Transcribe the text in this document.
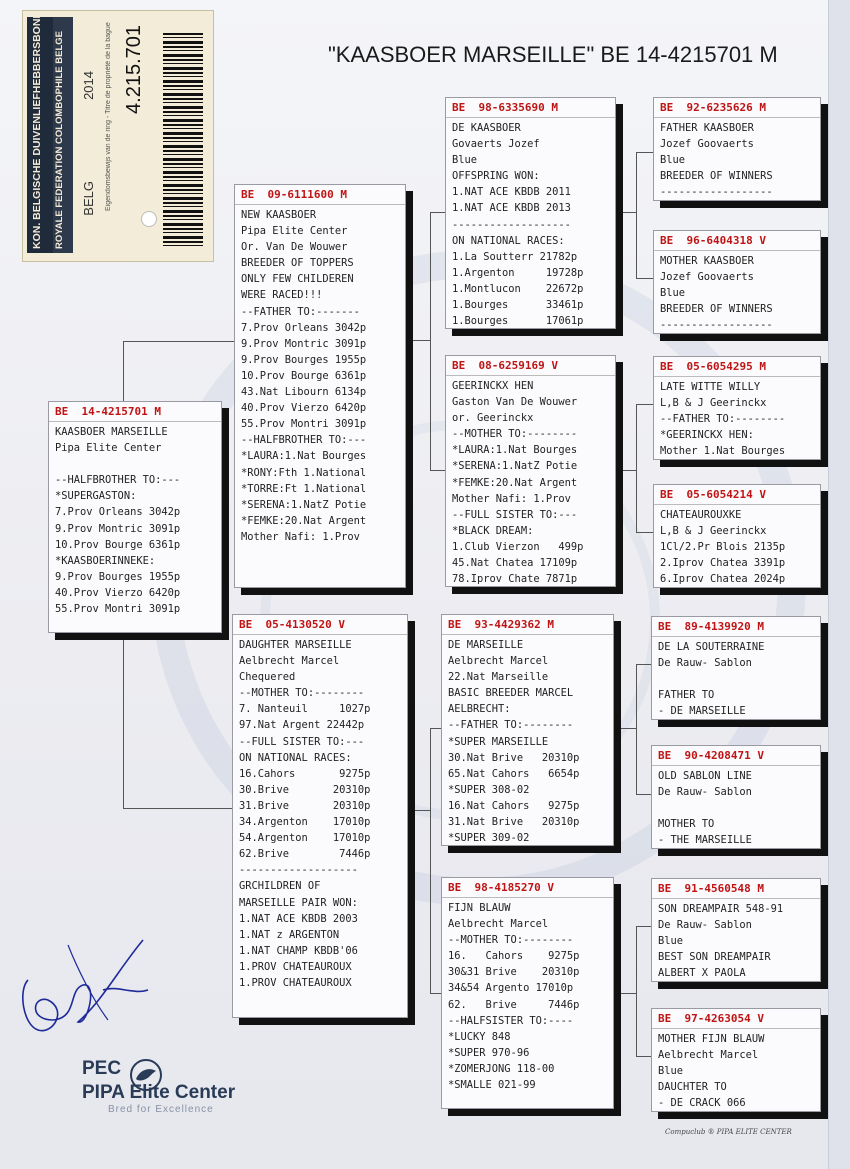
KON. BELGISCHE DUIVENLIEFHEBBERSBOND ROYALE FEDERATION COLOMBOPHILE BELGE 2014
BELG Eigendomsbewijs van de ring - Titre de propriété de la bague 4.215.701	"KAASBOER MARSEILLE" BE 14-4215701 M
BE  14-4215701 M
KAASBOER MARSEILLE
Pipa Elite Center

--HALFBROTHER TO:---
*SUPERGASTON:
7.Prov Orleans 3042p
9.Prov Montric 3091p
10.Prov Bourge 6361p
*KAASBOERINNEKE:
9.Prov Bourges 1955p
40.Prov Vierzo 6420p
55.Prov Montri 3091p
BE  09-6111600 M
NEW KAASBOER
Pipa Elite Center
Or. Van De Wouwer
BREEDER OF TOPPERS
ONLY FEW CHILDEREN
WERE RACED!!!
--FATHER TO:-------
7.Prov Orleans 3042p
9.Prov Montric 3091p
9.Prov Bourges 1955p
10.Prov Bourge 6361p
43.Nat Libourn 6134p
40.Prov Vierzo 6420p
55.Prov Montri 3091p
--HALFBROTHER TO:---
*LAURA:1.Nat Bourges
*RONY:Fth 1.National
*TORRE:Ft 1.National
*SERENA:1.NatZ Potie
*FEMKE:20.Nat Argent
Mother Nafi: 1.Prov
BE  05-4130520 V
DAUGHTER MARSEILLE
Aelbrecht Marcel
Chequered
--MOTHER TO:--------
7. Nanteuil     1027p
97.Nat Argent 22442p
--FULL SISTER TO:---
ON NATIONAL RACES:
16.Cahors       9275p
30.Brive       20310p
31.Brive       20310p
34.Argenton    17010p
54.Argenton    17010p
62.Brive        7446p
-------------------
GRCHILDREN OF
MARSEILLE PAIR WON:
1.NAT ACE KBDB 2003
1.NAT z ARGENTON
1.NAT CHAMP KBDB'06
1.PROV CHATEAUROUX
1.PROV CHATEAUROUX
BE  98-6335690 M
DE KAASBOER
Govaerts Jozef
Blue
OFFSPRING WON:
1.NAT ACE KBDB 2011
1.NAT ACE KBDB 2013
-------------------
ON NATIONAL RACES:
1.La Soutterr 21782p
1.Argenton     19728p
1.Montlucon    22672p
1.Bourges      33461p
1.Bourges      17061p
BE  08-6259169 V
GEERINCKX HEN
Gaston Van De Wouwer
or. Geerinckx
--MOTHER TO:--------
*LAURA:1.Nat Bourges
*SERENA:1.NatZ Potie
*FEMKE:20.Nat Argent
Mother Nafi: 1.Prov
--FULL SISTER TO:---
*BLACK DREAM:
1.Club Vierzon   499p
45.Nat Chatea 17109p
78.Iprov Chate 7871p
BE  93-4429362 M
DE MARSEILLE
Aelbrecht Marcel
22.Nat Marseille
BASIC BREEDER MARCEL
AELBRECHT:
--FATHER TO:--------
*SUPER MARSEILLE
30.Nat Brive   20310p
65.Nat Cahors   6654p
*SUPER 308-02
16.Nat Cahors   9275p
31.Nat Brive   20310p
*SUPER 309-02
BE  98-4185270 V
FIJN BLAUW
Aelbrecht Marcel
--MOTHER TO:--------
16.   Cahors    9275p
30&31 Brive    20310p
34&54 Argento 17010p
62.   Brive     7446p
--HALFSISTER TO:----
*LUCKY 848
*SUPER 970-96
*ZOMERJONG 118-00
*SMALLE 021-99
BE  92-6235626 M
FATHER KAASBOER
Jozef Goovaerts
Blue
BREEDER OF WINNERS
------------------
BE  96-6404318 V
MOTHER KAASBOER
Jozef Goovaerts
Blue
BREEDER OF WINNERS
------------------
BE  05-6054295 M
LATE WITTE WILLY
L,B & J Geerinckx
--FATHER TO:--------
*GEERINCKX HEN:
Mother 1.Nat Bourges
BE  05-6054214 V
CHATEAUROUXKE
L,B & J Geerinckx
1Cl/2.Pr Blois 2135p
2.Iprov Chatea 3391p
6.Iprov Chatea 2024p
BE  89-4139920 M
DE LA SOUTERRAINE
De Rauw- Sablon

FATHER TO
- DE MARSEILLE
BE  90-4208471 V
OLD SABLON LINE
De Rauw- Sablon

MOTHER TO
- THE MARSEILLE
BE  91-4560548 M
SON DREAMPAIR 548-91
De Rauw- Sablon
Blue
BEST SON DREAMPAIR
ALBERT X PAOLA
BE  97-4263054 V
MOTHER FIJN BLAUW
Aelbrecht Marcel
Blue
DAUCHTER TO
- DE CRACK 066
PEC
PIPA Elite Center
Bred for Excellence
Compuclub ® PIPA ELITE CENTER
